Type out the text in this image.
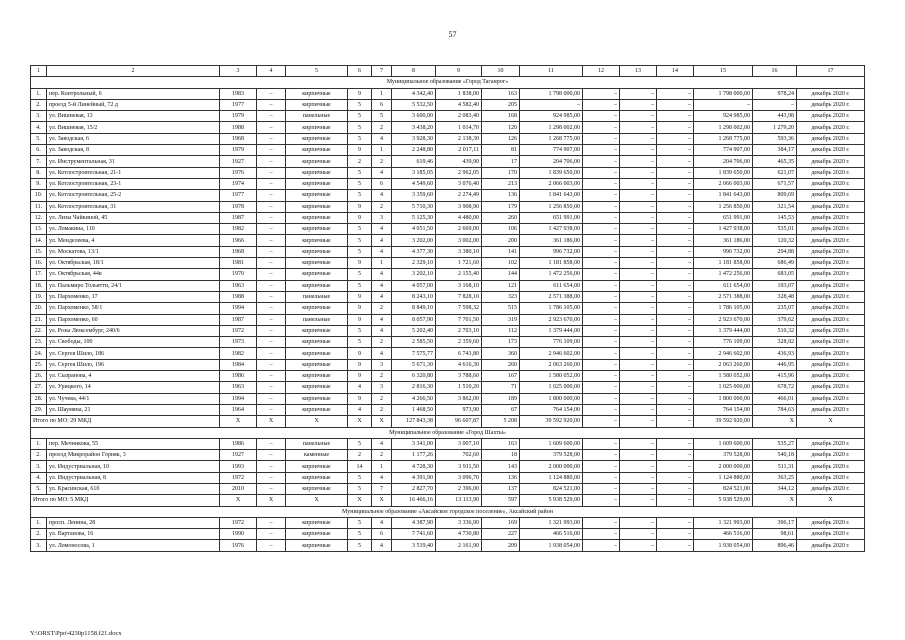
57
1	2	3	4	5	6	7	8	9	10	11	12	13	14	15	16	17
Муниципальное образование «Город Таганрог»																
1.	пер. Контрольный, 6	1983	–	кирпичные	9	1	4 342,40	1 838,00	163	1 798 000,00	–	–	–	1 798 000,00	978,24	декабрь 2020 г.
2.	проезд 5-й Линейный, 72 д	1977	–	кирпичные	5	6	5 532,50	4 582,40	205	–	–	–	–	–	–	декабрь 2020 г.
3.	ул. Вишневая, 13	1979	–	панельные	5	5	3 600,00	2 083,40	168	924 985,00	–	–	–	924 985,00	443,98	декабрь 2020 г.
4.	ул. Вишневая, 15/2	1988	–	кирпичные	5	2	3 438,20	1 014,70	120	1 298 002,00	–	–	–	1 298 002,00	1 279,20	декабрь 2020 г.
5.	ул. Заводская, 6	1968	–	кирпичные	5	4	3 928,30	2 138,30	126	1 268 775,00	–	–	–	1 268 775,00	593,36	декабрь 2020 г.
6.	ул. Заводская, 8	1979	–	кирпичные	9	1	2 248,80	2 017,11	81	774 907,00	–	–	–	774 907,00	384,17	декабрь 2020 г.
7.	ул. Инструментальная, 31	1927	–	кирпичные	2	2	619,46	439,90	17	204 706,00	–	–	–	204 706,00	465,35	декабрь 2020 г.
8.	ул. Котлостроительная, 21-1	1976	–	кирпичные	5	4	3 185,05	2 962,05	170	1 839 650,00	–	–	–	1 839 650,00	621,07	декабрь 2020 г.
9.	ул. Котлостроительная, 23-1	1974	–	кирпичные	5	6	4 549,60	3 076,40	213	2 066 003,00	–	–	–	2 066 003,00	671,57	декабрь 2020 г.
10.	ул. Котлостроительная, 25-2	1977	–	кирпичные	5	4	3 359,60	2 274,49	136	1 841 643,00	–	–	–	1 841 643,00	809,69	декабрь 2020 г.
11.	ул. Котлостроительная, 31	1978	–	кирпичные	9	2	5 710,30	3 908,90	179	1 256 850,00	–	–	–	1 256 850,00	321,54	декабрь 2020 г.
12.	ул. Лизы Чайкиной, 45	1987	–	кирпичные	9	3	5 125,30	4 480,00	260	651 991,00	–	–	–	651 991,00	145,53	декабрь 2020 г.
13.	ул. Ломакина, 110	1982	–	кирпичные	5	4	4 051,50	2 669,00	106	1 427 938,00	–	–	–	1 427 938,00	535,01	декабрь 2020 г.
14.	ул. Менделеева, 4	1966	–	кирпичные	5	4	3 202,00	3 002,00	200	361 186,00	–	–	–	361 186,00	120,32	декабрь 2020 г.
15.	ул. Москатова, 13/1	1968	–	кирпичные	5	4	4 377,30	3 380,10	141	996 732,00	–	–	–	996 732,00	294,88	декабрь 2020 г.
16.	ул. Октябрьская, 18/1	1981	–	кирпичные	9	1	2 329,10	1 721,60	102	1 181 858,00	–	–	–	1 181 858,00	686,49	декабрь 2020 г.
17.	ул. Октябрьская, 44в	1970	–	кирпичные	5	4	3 202,10	2 155,40	144	1 472 256,00	–	–	–	1 472 256,00	683,05	декабрь 2020 г.
18.	ул. Пальмиро Тольятти, 24/1	1963	–	кирпичные	5	4	4 057,00	3 168,10	121	611 654,00	–	–	–	611 654,00	193,07	декабрь 2020 г.
19.	ул. Пархоменко, 17	1988	–	панельные	9	4	8 243,10	7 828,10	323	2 571 388,00	–	–	–	2 571 388,00	328,48	декабрь 2020 г.
20.	ул. Пархоменко, 58/1	1994	–	кирпичные	9	2	8 849,10	7 598,32	515	1 786 105,00	–	–	–	1 786 105,00	235,07	декабрь 2020 г.
21.	ул. Пархоменко, 60	1987	–	панельные	9	4	8 057,90	7 701,50	319	2 923 670,00	–	–	–	2 923 670,00	379,62	декабрь 2020 г.
22.	ул. Розы Люксембург, 240/6	1972	–	кирпичные	5	4	5 202,40	2 703,10	112	1 379 444,00	–	–	–	1 379 444,00	510,32	декабрь 2020 г.
23.	ул. Свободы, 100	1973	–	кирпичные	5	2	2 585,50	2 359,60	173	776 109,00	–	–	–	776 109,00	328,92	декабрь 2020 г.
24.	ул. Сергея Шило, 186	1982	–	кирпичные	9	4	7 575,77	6 743,80	360	2 946 602,00	–	–	–	2 946 602,00	436,93	декабрь 2020 г.
25.	ул. Сергея Шило, 196	1984	–	кирпичные	9	3	5 671,30	4 616,30	260	2 063 260,00	–	–	–	2 063 260,00	446,95	декабрь 2020 г.
26.	ул. Сызранова, 4	1986	–	кирпичные	9	2	6 320,80	3 788,60	167	1 580 052,00	–	–	–	1 580 052,00	415,96	декабрь 2020 г.
27.	ул. Урицкого, 14	1963	–	кирпичные	4	3	2 816,30	1 510,20	71	1 025 000,00	–	–	–	1 025 000,00	678,72	декабрь 2020 г.
28.	ул. Чучева, 44/1	1994	–	кирпичные	9	2	4 266,50	3 862,00	189	1 800 000,00	–	–	–	1 800 000,00	466,01	декабрь 2020 г.
29.	ул. Шаумяна, 21	1964	–	кирпичные	4	2	1 468,50	973,90	67	764 154,00	–	–	–	764 154,00	784,63	декабрь 2020 г.
Итого по МО: 29 МКД		X	X	X	X	X	127 843,38	96 607,87	5 208	39 592 920,00	–	–	–	39 592 920,00	X	X
Муниципальное образование «Город Шахты»																
1.	пер. Мечникова, 55	1986	–	панельные	5	4	3 341,00	3 007,10	163	1 609 600,00	–	–	–	1 609 600,00	535,27	декабрь 2020 г.
2.	проезд Микрорайон Горняк, 3	1927	–	каменные	2	2	1 177,26	702,60	18	379 528,00	–	–	–	379 528,00	540,18	декабрь 2020 г.
3.	ул. Индустриальная, 10	1993	–	кирпичные	14	1	4 728,30	3 911,50	143	2 000 000,00	–	–	–	2 000 000,00	511,31	декабрь 2020 г.
4.	ул. Индустриальная, 8	1972	–	кирпичные	5	4	4 391,90	3 096,70	136	1 124 880,00	–	–	–	1 124 880,00	363,25	декабрь 2020 г.
5.	ул. Красинская, 61б	2010	–	кирпичные	5	7	2 827,70	2 396,00	137	824 521,00	–	–	–	824 521,00	344,12	декабрь 2020 г.
Итого по МО: 5 МКД		X	X	X	X	X	16 466,16	13 113,90	597	5 938 529,00	–	–	–	5 938 529,00	X	X
Муниципальное образование «Аксайское городское поселение», Аксайский район																
1.	просп. Ленина, 28	1972	–	кирпичные	5	4	4 387,90	3 336,90	169	1 321 993,00	–	–	–	1 321 993,00	396,17	декабрь 2020 г.
2.	ул. Вартанова, 16	1990	–	кирпичные	5	6	7 741,60	4 730,80	227	466 516,00	–	–	–	466 516,00	98,61	декабрь 2020 г.
3.	ул. Ломоносова, 1	1976	–	кирпичные	5	4	3 519,40	2 161,90	209	1 938 054,00	–	–	–	1 938 054,00	896,46	декабрь 2020 г.
Y:\ORST\Ppo\4230p1158.f21.docx
